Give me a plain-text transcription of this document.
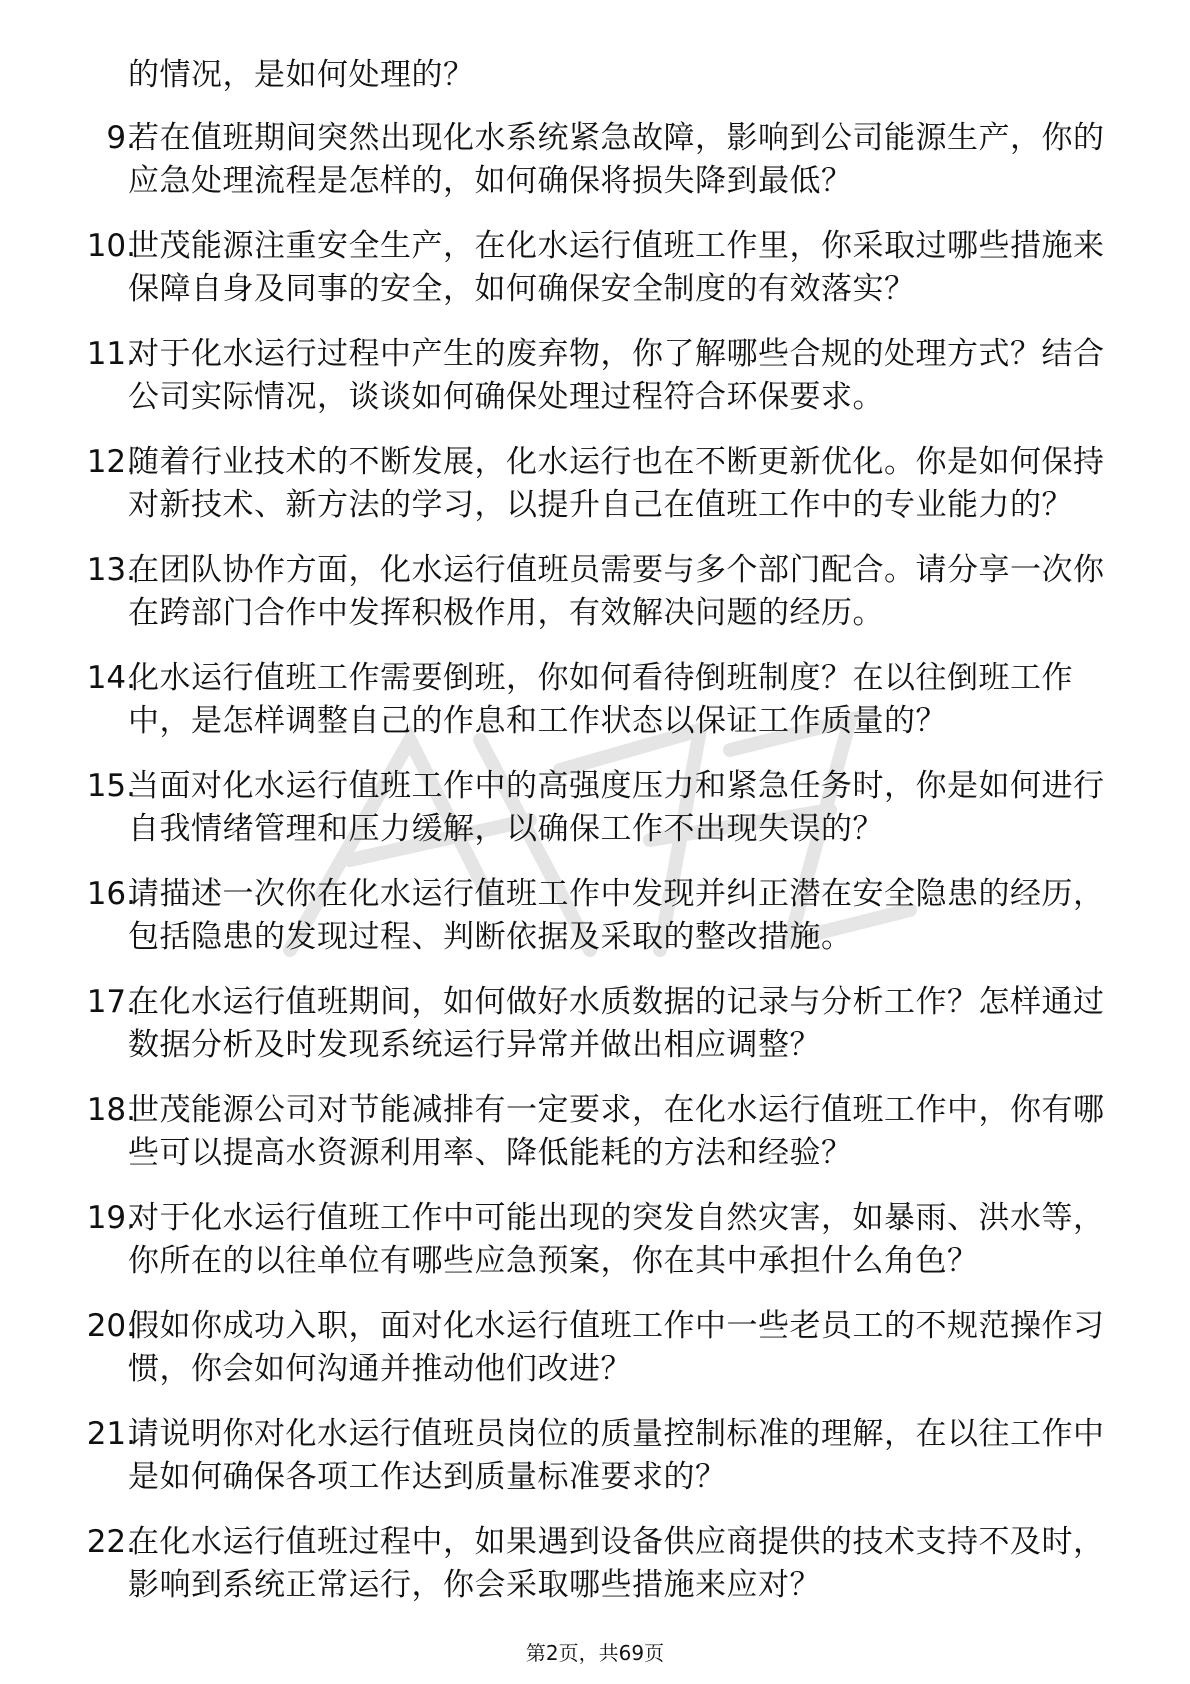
的情况，是如何处理的？
9.
若在值班期间突然出现化水系统紧急故障，影响到公司能源生产，你的应急处理流程是怎样的，如何确保将损失降到最低？
10.
世茂能源注重安全生产，在化水运行值班工作里，你采取过哪些措施来保障自身及同事的安全，如何确保安全制度的有效落实？
11.
对于化水运行过程中产生的废弃物，你了解哪些合规的处理方式？结合公司实际情况，谈谈如何确保处理过程符合环保要求。
12.
随着行业技术的不断发展，化水运行也在不断更新优化。你是如何保持对新技术、新方法的学习，以提升自己在值班工作中的专业能力的？
13.
在团队协作方面，化水运行值班员需要与多个部门配合。请分享一次你在跨部门合作中发挥积极作用，有效解决问题的经历。
14.
化水运行值班工作需要倒班，你如何看待倒班制度？在以往倒班工作中，是怎样调整自己的作息和工作状态以保证工作质量的？
15.
当面对化水运行值班工作中的高强度压力和紧急任务时，你是如何进行自我情绪管理和压力缓解，以确保工作不出现失误的？
16.
请描述一次你在化水运行值班工作中发现并纠正潜在安全隐患的经历，包括隐患的发现过程、判断依据及采取的整改措施。
17.
在化水运行值班期间，如何做好水质数据的记录与分析工作？怎样通过数据分析及时发现系统运行异常并做出相应调整？
18.
世茂能源公司对节能减排有一定要求，在化水运行值班工作中，你有哪些可以提高水资源利用率、降低能耗的方法和经验？
19.
对于化水运行值班工作中可能出现的突发自然灾害，如暴雨、洪水等，你所在的以往单位有哪些应急预案，你在其中承担什么角色？
20.
假如你成功入职，面对化水运行值班工作中一些老员工的不规范操作习惯，你会如何沟通并推动他们改进？
21.
请说明你对化水运行值班员岗位的质量控制标准的理解，在以往工作中是如何确保各项工作达到质量标准要求的？
22.
在化水运行值班过程中，如果遇到设备供应商提供的技术支持不及时，影响到系统正常运行，你会采取哪些措施来应对？
第2页，共69页
